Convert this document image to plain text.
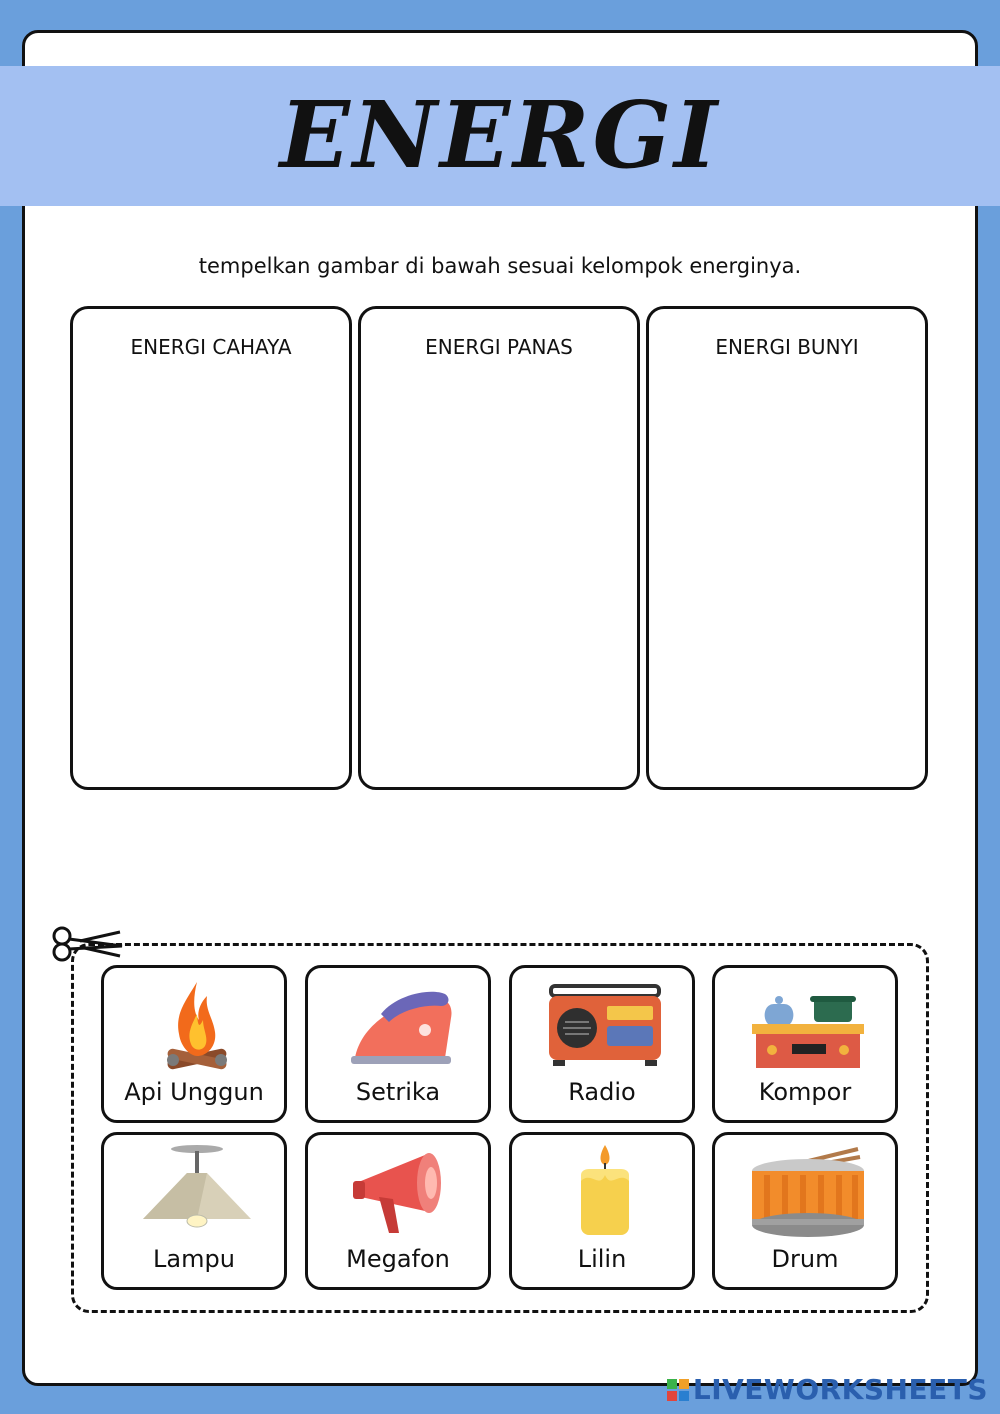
ENERGI
tempelkan gambar di bawah sesuai kelompok energinya.
ENERGI CAHAYA	ENERGI PANAS	ENERGI BUNYI
Api Unggun	Setrika	Radio	Kompor
Lampu	Megafon	Lilin	Drum
LIVEWORKSHEETS
